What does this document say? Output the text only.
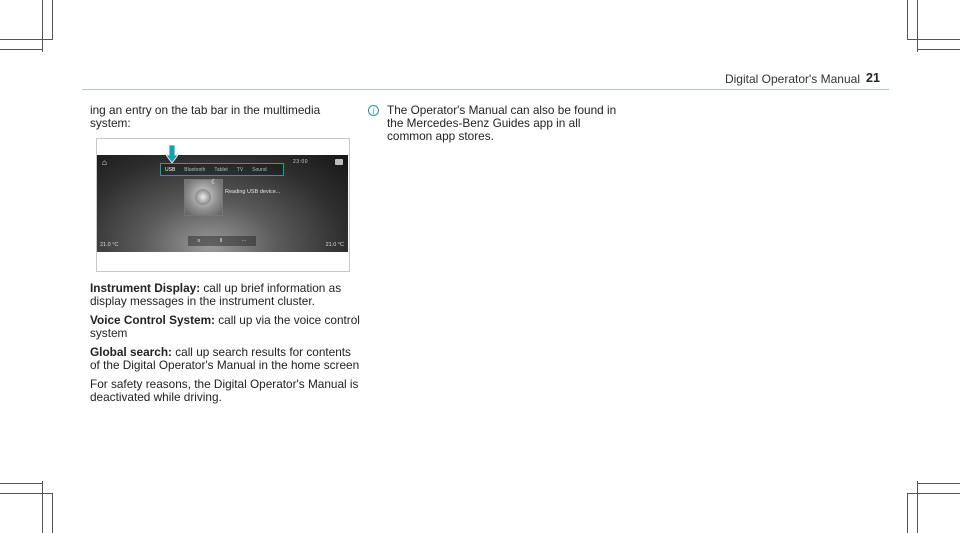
Digital Operator's Manual 21

ing an entry on the tab bar in the multimedia system:

⌂	23:00
USB Bluetooth Tablet TV Sound
☾
Reading USB device...
≡	II	···
21.0 °C	21.0 °C

Instrument Display: call up brief information as display messages in the instrument cluster.

Voice Control System: call up via the voice control system

Global search: call up search results for contents of the Digital Operator's Manual in the home screen

For safety reasons, the Digital Operator's Manual is deactivated while driving.

i	The Operator's Manual can also be found in the Mercedes-Benz Guides app in all common app stores.
